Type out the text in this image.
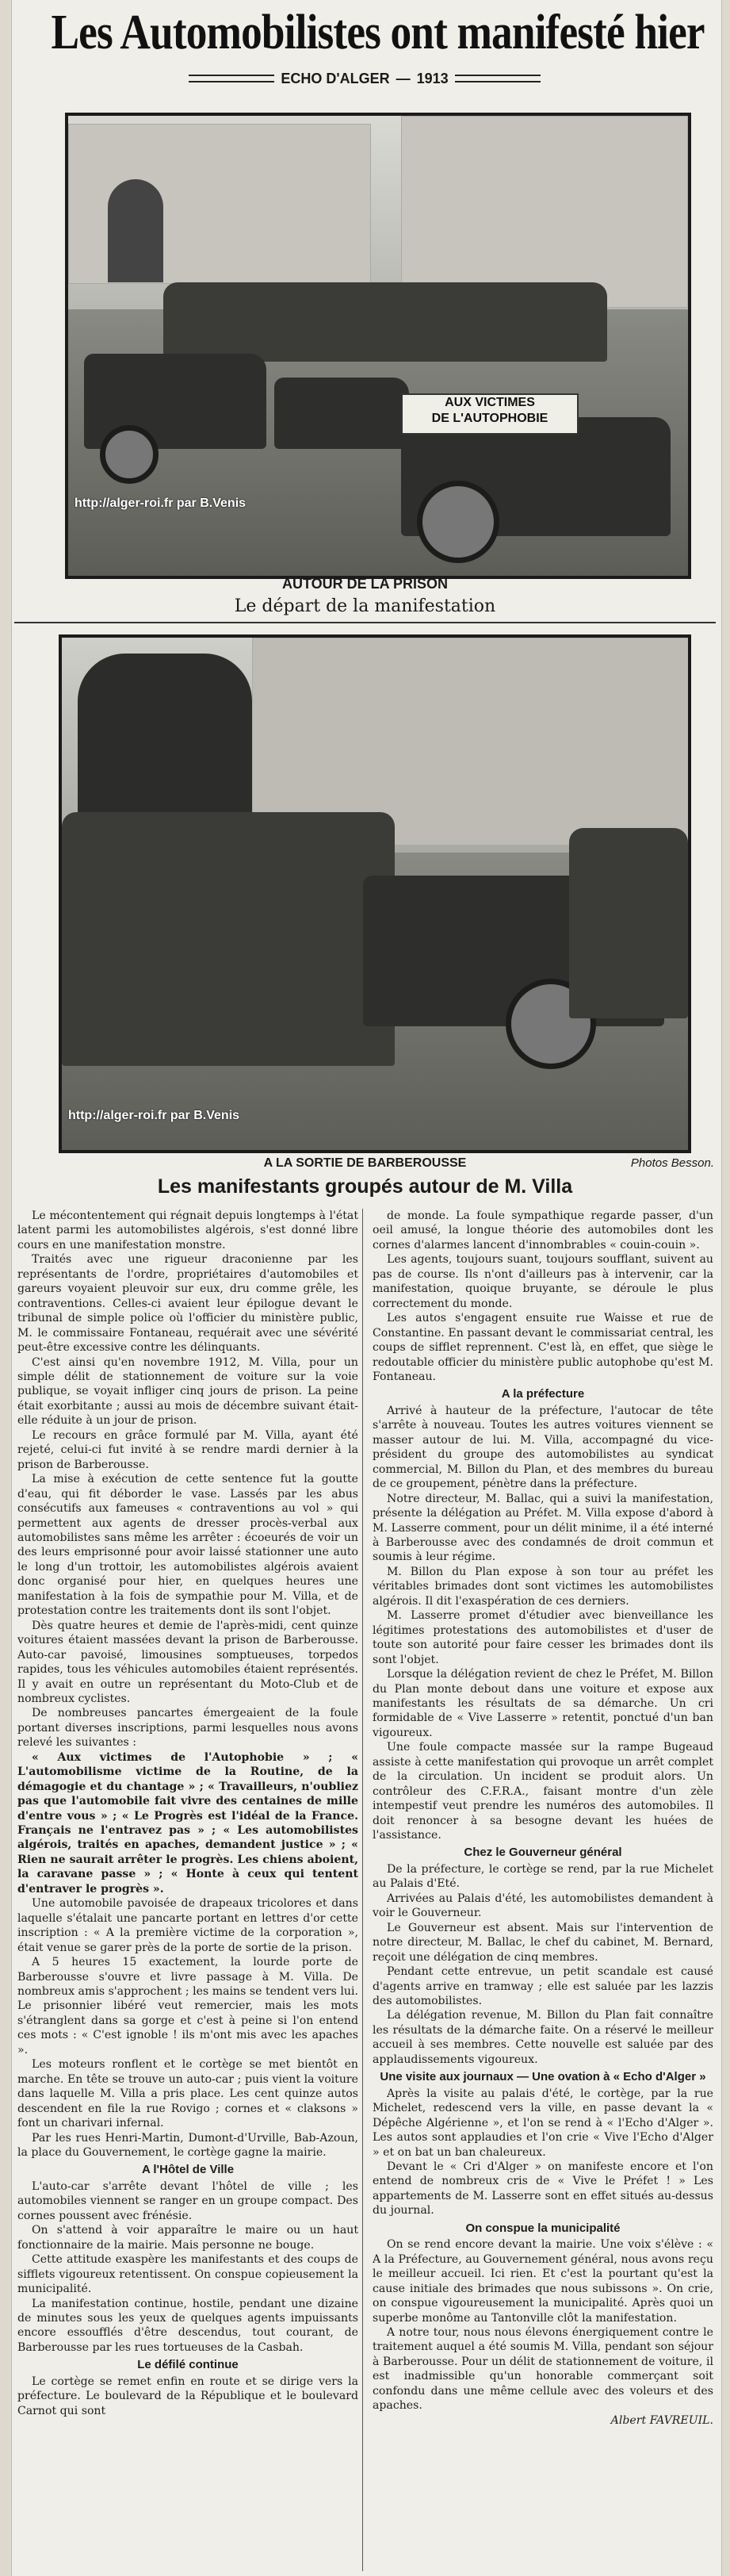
Les Automobilistes ont manifesté hier
ECHO D'ALGER — 1913
AUX VICTIMES
DE L'AUTOPHOBIE
http://alger-roi.fr par B.Venis
AUTOUR DE LA PRISON
Le départ de la manifestation
http://alger-roi.fr par B.Venis
A LA SORTIE DE BARBEROUSSE	Photos Besson.
Les manifestants groupés autour de M. Villa

Le mécontentement qui régnait depuis longtemps à l'état latent parmi les automobilistes algérois, s'est donné libre cours en une manifestation monstre.

Traités avec une rigueur draconienne par les représentants de l'ordre, propriétaires d'automobiles et gareurs voyaient pleuvoir sur eux, dru comme grêle, les contraventions. Celles-ci avaient leur épilogue devant le tribunal de simple police où l'officier du ministère public, M. le commissaire Fontaneau, requérait avec une sévérité peut-être excessive contre les délinquants.

C'est ainsi qu'en novembre 1912, M. Villa, pour un simple délit de stationnement de voiture sur la voie publique, se voyait infliger cinq jours de prison. La peine était exorbitante ; aussi au mois de décembre suivant était-elle réduite à un jour de prison.

Le recours en grâce formulé par M. Villa, ayant été rejeté, celui-ci fut invité à se rendre mardi dernier à la prison de Barberousse.

La mise à exécution de cette sentence fut la goutte d'eau, qui fit déborder le vase. Lassés par les abus consécutifs aux fameuses « contraventions au vol » qui permettent aux agents de dresser procès-verbal aux automobilistes sans même les arrêter : écoeurés de voir un des leurs emprisonné pour avoir laissé stationner une auto le long d'un trottoir, les automobilistes algérois avaient donc organisé pour hier, en quelques heures une manifestation à la fois de sympathie pour M. Villa, et de protestation contre les traitements dont ils sont l'objet.

Dès quatre heures et demie de l'après-midi, cent quinze voitures étaient massées devant la prison de Barberousse. Auto-car pavoisé, limousines somptueuses, torpedos rapides, tous les véhicules automobiles étaient représentés. Il y avait en outre un représentant du Moto-Club et de nombreux cyclistes.

De nombreuses pancartes émergeaient de la foule portant diverses inscriptions, parmi lesquelles nous avons relevé les suivantes :

« Aux victimes de l'Autophobie » ; « L'automobilisme victime de la Routine, de la démagogie et du chantage » ; « Travailleurs, n'oubliez pas que l'automobile fait vivre des centaines de mille d'entre vous » ; « Le Progrès est l'idéal de la France. Français ne l'entravez pas » ; « Les automobilistes algérois, traités en apaches, demandent justice » ; « Rien ne saurait arrêter le progrès. Les chiens aboient, la caravane passe » ; « Honte à ceux qui tentent d'entraver le progrès ».

Une automobile pavoisée de drapeaux tricolores et dans laquelle s'étalait une pancarte portant en lettres d'or cette inscription : « A la première victime de la corporation », était venue se garer près de la porte de sortie de la prison.

A 5 heures 15 exactement, la lourde porte de Barberousse s'ouvre et livre passage à M. Villa. De nombreux amis s'approchent ; les mains se tendent vers lui. Le prisonnier libéré veut remercier, mais les mots s'étranglent dans sa gorge et c'est à peine si l'on entend ces mots : « C'est ignoble ! ils m'ont mis avec les apaches ».

Les moteurs ronflent et le cortège se met bientôt en marche. En tête se trouve un auto-car ; puis vient la voiture dans laquelle M. Villa a pris place. Les cent quinze autos descendent en file la rue Rovigo ; cornes et « claksons » font un charivari infernal.

Par les rues Henri-Martin, Dumont-d'Urville, Bab-Azoun, la place du Gouvernement, le cortège gagne la mairie.

A l'Hôtel de Ville

L'auto-car s'arrête devant l'hôtel de ville ; les automobiles viennent se ranger en un groupe compact. Des cornes poussent avec frénésie.

On s'attend à voir apparaître le maire ou un haut fonctionnaire de la mairie. Mais personne ne bouge.

Cette attitude exaspère les manifestants et des coups de sifflets vigoureux retentissent. On conspue copieusement la municipalité.

La manifestation continue, hostile, pendant une dizaine de minutes sous les yeux de quelques agents impuissants encore essoufflés d'être descendus, tout courant, de Barberousse par les rues tortueuses de la Casbah.

Le défilé continue

Le cortège se remet enfin en route et se dirige vers la préfecture. Le boulevard de la République et le boulevard Carnot qui sont

de monde. La foule sympathique regarde passer, d'un oeil amusé, la longue théorie des automobiles dont les cornes d'alarmes lancent d'innombrables « couin-couin ».

Les agents, toujours suant, toujours soufflant, suivent au pas de course. Ils n'ont d'ailleurs pas à intervenir, car la manifestation, quoique bruyante, se déroule le plus correctement du monde.

Les autos s'engagent ensuite rue Waisse et rue de Constantine. En passant devant le commissariat central, les coups de sifflet reprennent. C'est là, en effet, que siège le redoutable officier du ministère public autophobe qu'est M. Fontaneau.

A la préfecture

Arrivé à hauteur de la préfecture, l'autocar de tête s'arrête à nouveau. Toutes les autres voitures viennent se masser autour de lui. M. Villa, accompagné du vice-président du groupe des automobilistes au syndicat commercial, M. Billon du Plan, et des membres du bureau de ce groupement, pénètre dans la préfecture.

Notre directeur, M. Ballac, qui a suivi la manifestation, présente la délégation au Préfet. M. Villa expose d'abord à M. Lasserre comment, pour un délit minime, il a été interné à Barberousse avec des condamnés de droit commun et soumis à leur régime.

M. Billon du Plan expose à son tour au préfet les véritables brimades dont sont victimes les automobilistes algérois. Il dit l'exaspération de ces derniers.

M. Lasserre promet d'étudier avec bienveillance les légitimes protestations des automobilistes et d'user de toute son autorité pour faire cesser les brimades dont ils sont l'objet.

Lorsque la délégation revient de chez le Préfet, M. Billon du Plan monte debout dans une voiture et expose aux manifestants les résultats de sa démarche. Un cri formidable de « Vive Lasserre » retentit, ponctué d'un ban vigoureux.

Une foule compacte massée sur la rampe Bugeaud assiste à cette manifestation qui provoque un arrêt complet de la circulation. Un incident se produit alors. Un contrôleur des C.F.R.A., faisant montre d'un zèle intempestif veut prendre les numéros des automobiles. Il doit renoncer à sa besogne devant les huées de l'assistance.

Chez le Gouverneur général

De la préfecture, le cortège se rend, par la rue Michelet au Palais d'Eté.

Arrivées au Palais d'été, les automobilistes demandent à voir le Gouverneur.

Le Gouverneur est absent. Mais sur l'intervention de notre directeur, M. Ballac, le chef du cabinet, M. Bernard, reçoit une délégation de cinq membres.

Pendant cette entrevue, un petit scandale est causé d'agents arrive en tramway ; elle est saluée par les lazzis des automobilistes.

La délégation revenue, M. Billon du Plan fait connaître les résultats de la démarche faite. On a réservé le meilleur accueil à ses membres. Cette nouvelle est saluée par des applaudissements vigoureux.

Une visite aux journaux — Une ovation à « Echo d'Alger »

Après la visite au palais d'été, le cortège, par la rue Michelet, redescend vers la ville, en passe devant la « Dépêche Algérienne », et l'on se rend à « l'Echo d'Alger ». Les autos sont applaudies et l'on crie « Vive l'Echo d'Alger » et on bat un ban chaleureux.

Devant le « Cri d'Alger » on manifeste encore et l'on entend de nombreux cris de « Vive le Préfet ! » Les appartements de M. Lasserre sont en effet situés au-dessus du journal.

On conspue la municipalité

On se rend encore devant la mairie. Une voix s'élève : « A la Préfecture, au Gouvernement général, nous avons reçu le meilleur accueil. Ici rien. Et c'est la pourtant qu'est la cause initiale des brimades que nous subissons ». On crie, on conspue vigoureusement la municipalité. Après quoi un superbe monôme au Tantonville clôt la manifestation.

A notre tour, nous nous élevons énergiquement contre le traitement auquel a été soumis M. Villa, pendant son séjour à Barberousse. Pour un délit de stationnement de voiture, il est inadmissible qu'un honorable commerçant soit confondu dans une même cellule avec des voleurs et des apaches.

Albert FAVREUIL.
